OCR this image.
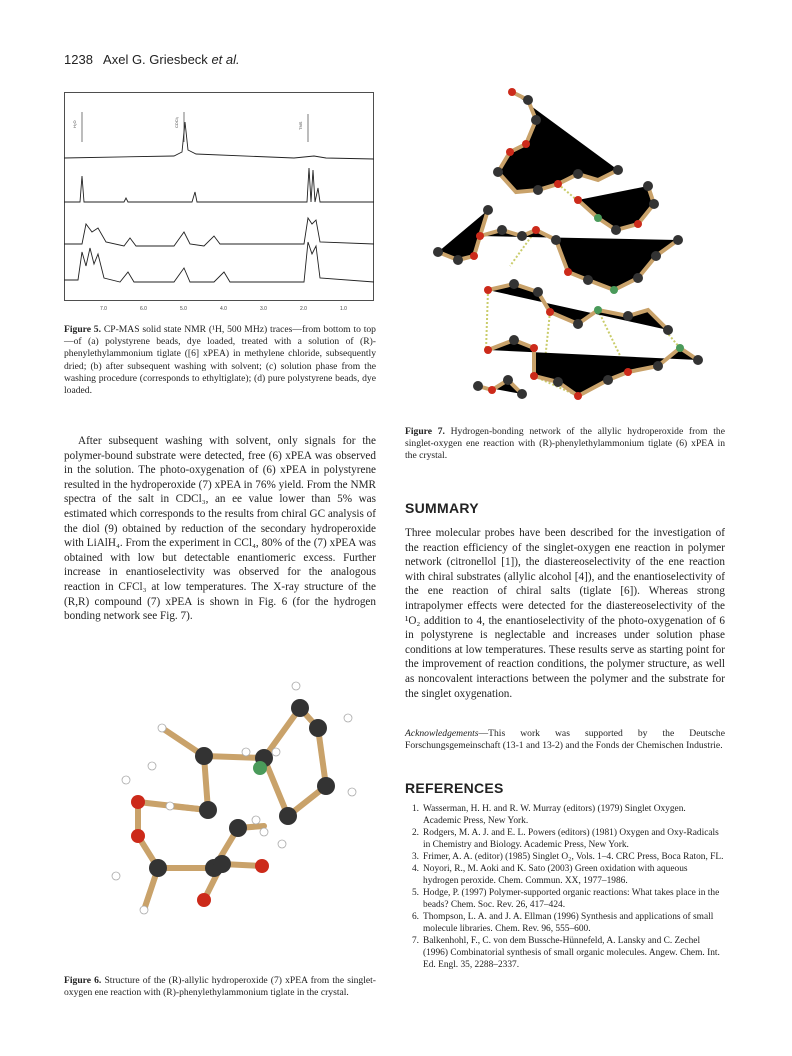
1238 Axel G. Griesbeck et al.
7.0	6.0	5.0	4.0	3.0	2.0	1.0
H₂O	CDCl₃	TMS
Figure 5. CP-MAS solid state NMR (¹H, 500 MHz) traces—from bottom to top—of (a) polystyrene beads, dye loaded, treated with a solution of (R)-phenylethylammonium tiglate ([6] xPEA) in methylene chloride, subsequently dried; (b) after subsequent washing with solvent; (c) solution phase from the washing procedure (corresponds to ethyltiglate); (d) pure polystyrene beads, dye loaded.

After subsequent washing with solvent, only signals for the polymer-bound substrate were detected, free (6) xPEA was observed in the solution. The photo-oxygenation of (6) xPEA in polystyrene resulted in the hydroperoxide (7) xPEA in 76% yield. From the NMR spectra of the salt in CDCl₃, an ee value lower than 5% was estimated which corresponds to the results from chiral GC analysis of the diol (9) obtained by reduction of the secondary hydroperoxide with LiAlH₄. From the experiment in CCl₄, 80% of the (7) xPEA was obtained with low but detectable enantiomeric excess. Further increase in enantioselectivity was observed for the analogous reaction in CFCl₃ at low temperatures. The X-ray structure of the (R,R) compound (7) xPEA is shown in Fig. 6 (for the hydrogen bonding network see Fig. 7).

Figure 6. Structure of the (R)-allylic hydroperoxide (7) xPEA from the singlet-oxygen ene reaction with (R)-phenylethylammonium tiglate in the crystal.
Figure 7. Hydrogen-bonding network of the allylic hydroperoxide from the singlet-oxygen ene reaction with (R)-phenylethylammonium tiglate (6) xPEA in the crystal.
SUMMARY

Three molecular probes have been described for the investigation of the reaction efficiency of the singlet-oxygen ene reaction in polymer network (citronellol [1]), the diastereoselectivity of the ene reaction with chiral substrates (allylic alcohol [4]), and the enantioselectivity of the ene reaction of chiral salts (tiglate [6]). Whereas strong intrapolymer effects were detected for the diastereoselectivity of the ¹O₂ addition to 4, the enantioselectivity of the photo-oxygenation of 6 in polystyrene is neglectable and increases under solution phase conditions at low temperatures. These results serve as starting point for the improvement of reaction conditions, the polymer structure, as well as noncovalent interactions between the polymer and the substrate for the singlet oxygenation.

Acknowledgements—This work was supported by the Deutsche Forschungsgemeinschaft (13-1 and 13-2) and the Fonds der Chemischen Industrie.
REFERENCES
1. Wasserman, H. H. and R. W. Murray (editors) (1979) Singlet Oxygen. Academic Press, New York.
2. Rodgers, M. A. J. and E. L. Powers (editors) (1981) Oxygen and Oxy-Radicals in Chemistry and Biology. Academic Press, New York.
3. Frimer, A. A. (editor) (1985) Singlet O₂, Vols. 1–4. CRC Press, Boca Raton, FL.
4. Noyori, R., M. Aoki and K. Sato (2003) Green oxidation with aqueous hydrogen peroxide. Chem. Commun. XX, 1977–1986.
5. Hodge, P. (1997) Polymer-supported organic reactions: What takes place in the beads? Chem. Soc. Rev. 26, 417–424.
6. Thompson, L. A. and J. A. Ellman (1996) Synthesis and applications of small molecule libraries. Chem. Rev. 96, 555–600.
7. Balkenhohl, F., C. von dem Bussche-Hünnefeld, A. Lansky and C. Zechel (1996) Combinatorial synthesis of small organic molecules. Angew. Chem. Int. Ed. Engl. 35, 2288–2337.
